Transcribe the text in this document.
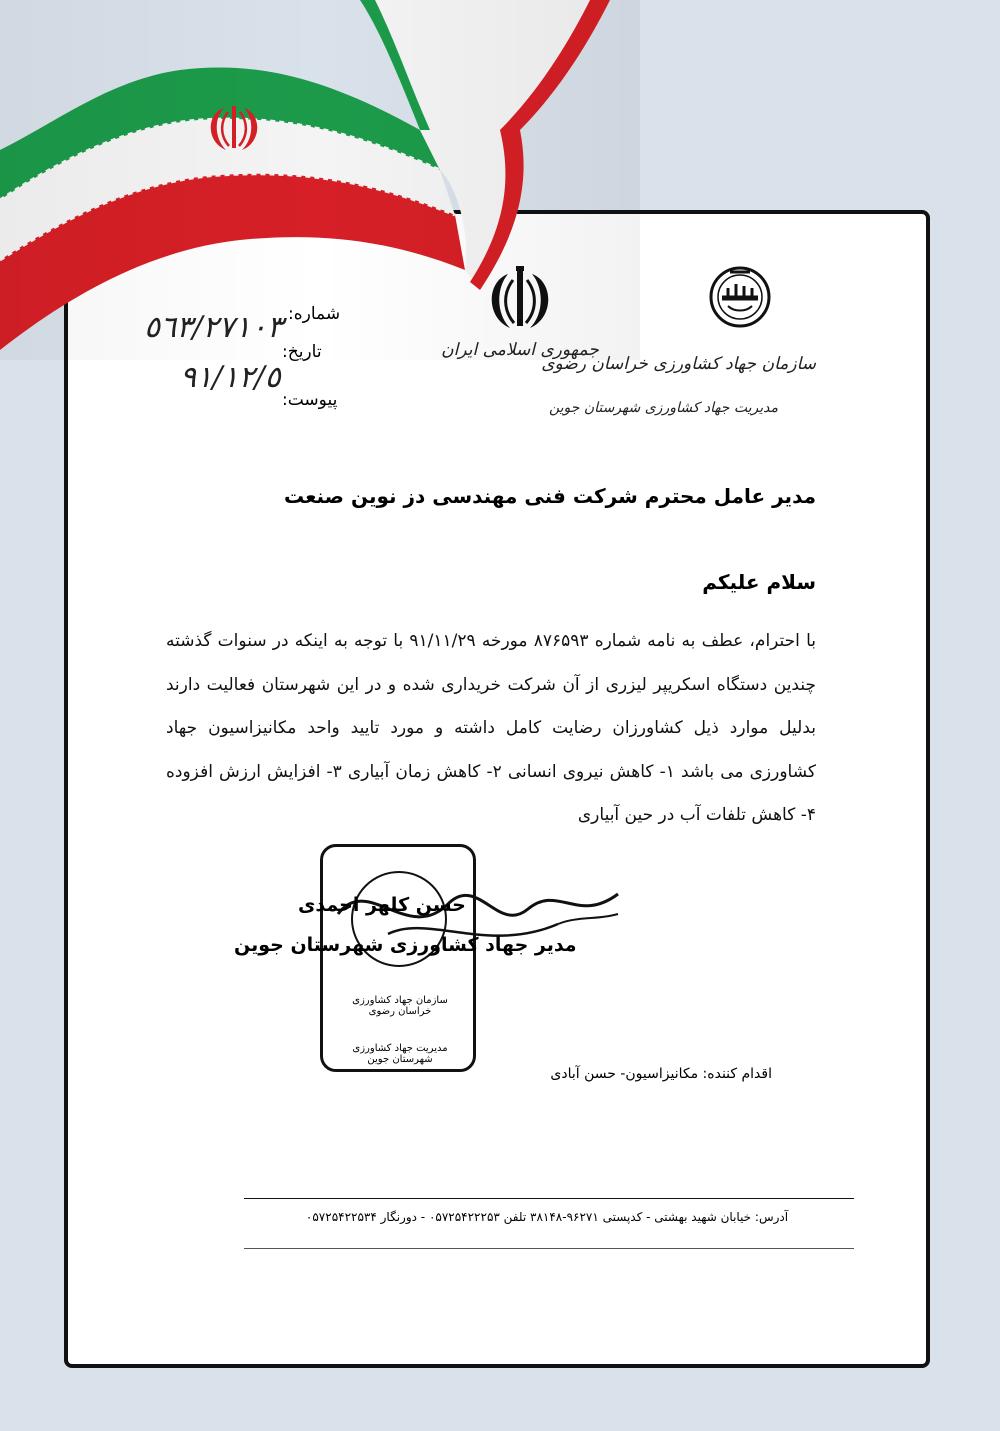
شماره:
٥٦٣/٢٧١٠٣
تاریخ:
٩١/١٢/٥
پیوست:
جمهوری اسلامی ایران
سازمان جهاد کشاورزی خراسان رضوی
مدیریت جهاد کشاورزی شهرستان جوین
مدیر عامل محترم شرکت فنی مهندسی دز نوین صنعت
سلام علیکم
با احترام، عطف به نامه شماره ۸۷۶۵۹۳ مورخه ۹۱/۱۱/۲۹ با توجه به اینکه در سنوات گذشته چندین دستگاه اسکریپر لیزری از آن شرکت خریداری شده و در این شهرستان فعالیت دارند بدلیل موارد ذیل کشاورزان رضایت کامل داشته و مورد تایید واحد مکانیزاسیون جهاد کشاورزی می باشد ۱- کاهش نیروی انسانی ۲- کاهش زمان آبیاری ۳- افزایش ارزش افزوده ۴- کاهش تلفات آب در حین آبیاری
سازمان جهاد کشاورزی خراسان رضوی
مدیریت جهاد کشاورزی شهرستان جوین
حسن کلهر احمدی
مدیر جهاد کشاورزی شهرستان جوین
اقدام کننده: مکانیزاسیون- حسن آبادی
آدرس: خیابان شهید بهشتی - کدپستی ۹۶۲۷۱-۳۸۱۴۸ تلفن ۰۵۷۲۵۴۲۲۲۵۳ - دورنگار ۰۵۷۲۵۴۲۲۵۳۴
